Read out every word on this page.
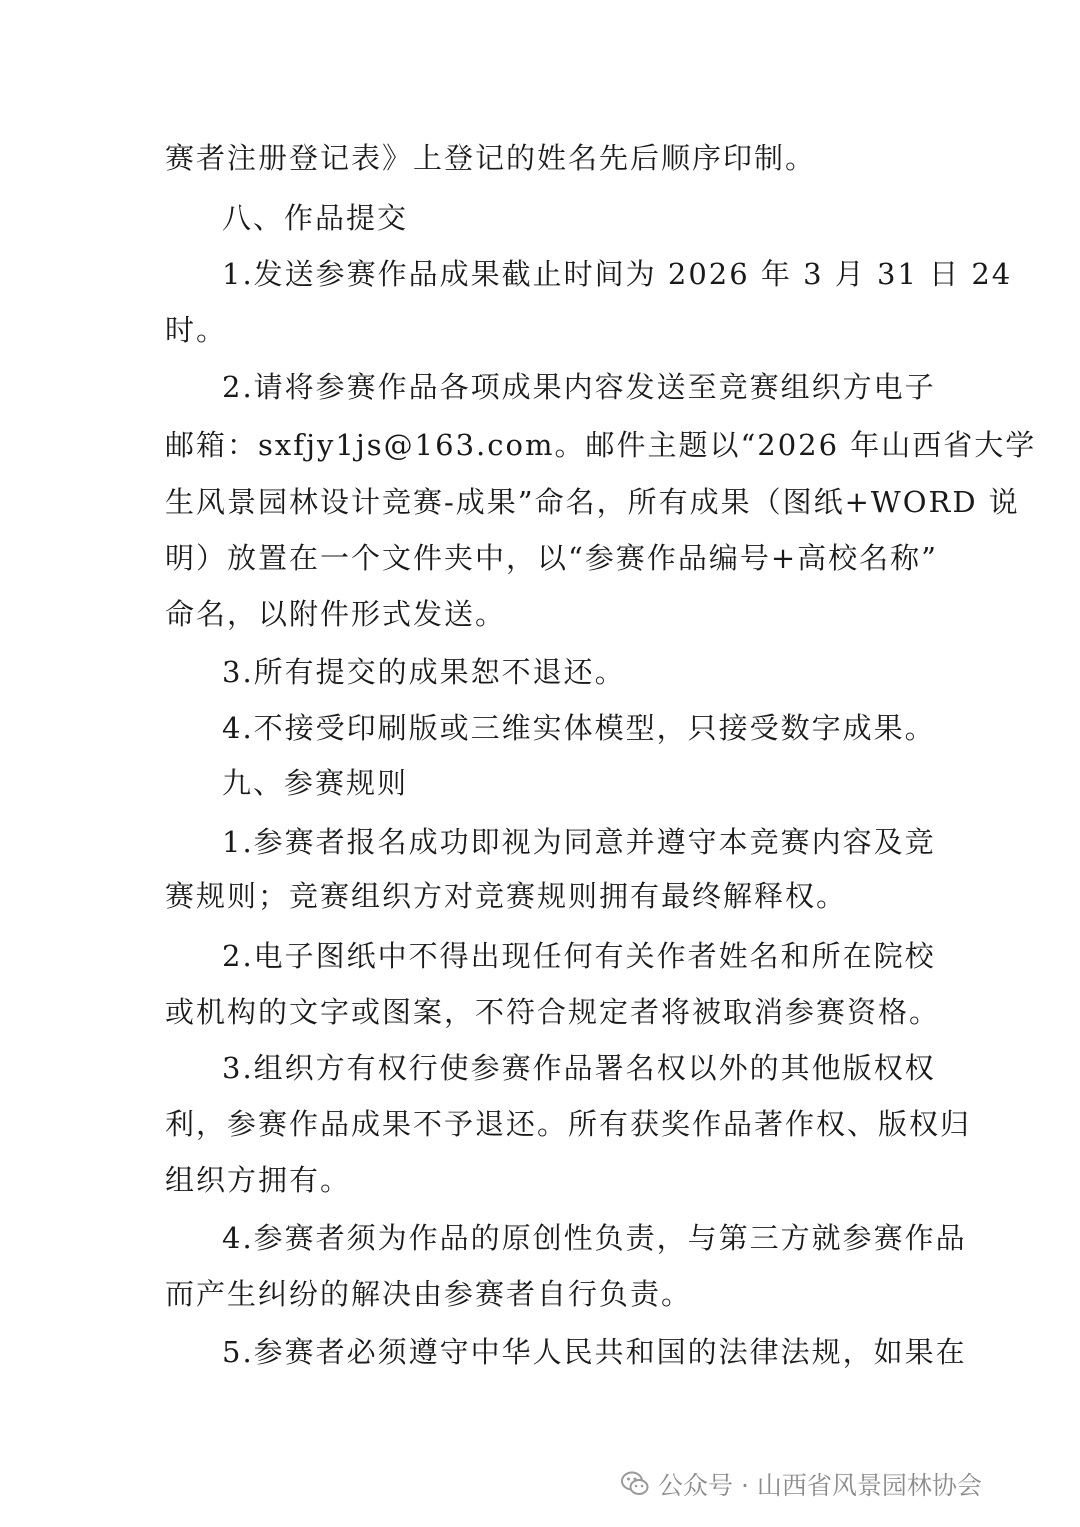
赛者注册登记表》上登记的姓名先后顺序印制。

八、作品提交

1.发送参赛作品成果截止时间为 2026 年 3 月 31 日 24

时。

2.请将参赛作品各项成果内容发送至竞赛组织方电子

邮箱：sxfjy1js@163.com。邮件主题以“2026 年山西省大学

生风景园林设计竞赛-成果”命名，所有成果（图纸+WORD 说

明）放置在一个文件夹中，以“参赛作品编号+高校名称”

命名，以附件形式发送。

3.所有提交的成果恕不退还。

4.不接受印刷版或三维实体模型，只接受数字成果。

九、参赛规则

1.参赛者报名成功即视为同意并遵守本竞赛内容及竞

赛规则；竞赛组织方对竞赛规则拥有最终解释权。

2.电子图纸中不得出现任何有关作者姓名和所在院校

或机构的文字或图案，不符合规定者将被取消参赛资格。

3.组织方有权行使参赛作品署名权以外的其他版权权

利，参赛作品成果不予退还。所有获奖作品著作权、版权归

组织方拥有。

4.参赛者须为作品的原创性负责，与第三方就参赛作品

而产生纠纷的解决由参赛者自行负责。

5.参赛者必须遵守中华人民共和国的法律法规，如果在

公众号 · 山西省风景园林协会
